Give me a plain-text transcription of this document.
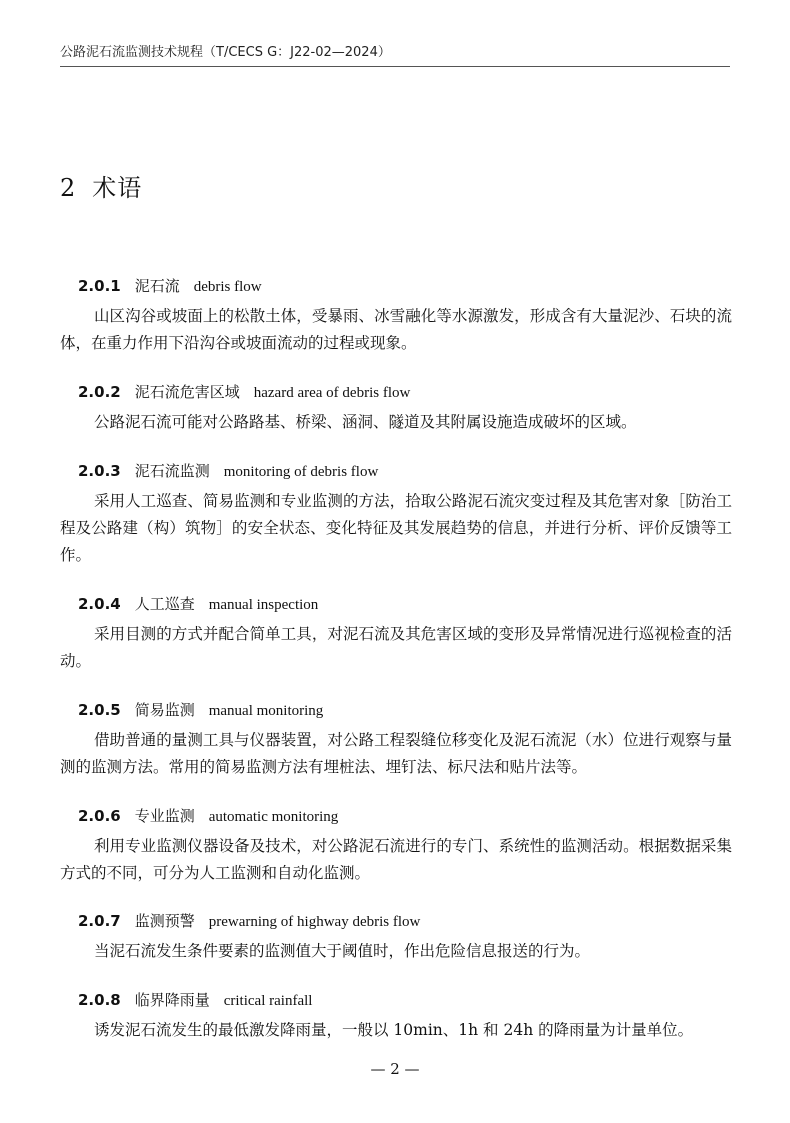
公路泥石流监测技术规程（T/CECS G：J22-02—2024）
2 术语
2.0.1 泥石流 debris flow
山区沟谷或坡面上的松散土体，受暴雨、冰雪融化等水源激发，形成含有大量泥沙、石块的流体，在重力作用下沿沟谷或坡面流动的过程或现象。
2.0.2 泥石流危害区域 hazard area of debris flow
公路泥石流可能对公路路基、桥梁、涵洞、隧道及其附属设施造成破坏的区域。
2.0.3 泥石流监测 monitoring of debris flow
采用人工巡查、简易监测和专业监测的方法，拾取公路泥石流灾变过程及其危害对象［防治工程及公路建（构）筑物］的安全状态、变化特征及其发展趋势的信息，并进行分析、评价反馈等工作。
2.0.4 人工巡查 manual inspection
采用目测的方式并配合简单工具，对泥石流及其危害区域的变形及异常情况进行巡视检查的活动。
2.0.5 简易监测 manual monitoring
借助普通的量测工具与仪器装置，对公路工程裂缝位移变化及泥石流泥（水）位进行观察与量测的监测方法。常用的简易监测方法有埋桩法、埋钉法、标尺法和贴片法等。
2.0.6 专业监测 automatic monitoring
利用专业监测仪器设备及技术，对公路泥石流进行的专门、系统性的监测活动。根据数据采集方式的不同，可分为人工监测和自动化监测。
2.0.7 监测预警 prewarning of highway debris flow
当泥石流发生条件要素的监测值大于阈值时，作出危险信息报送的行为。
2.0.8 临界降雨量 critical rainfall
诱发泥石流发生的最低激发降雨量，一般以 10min、1h 和 24h 的降雨量为计量单位。
— 2 —
